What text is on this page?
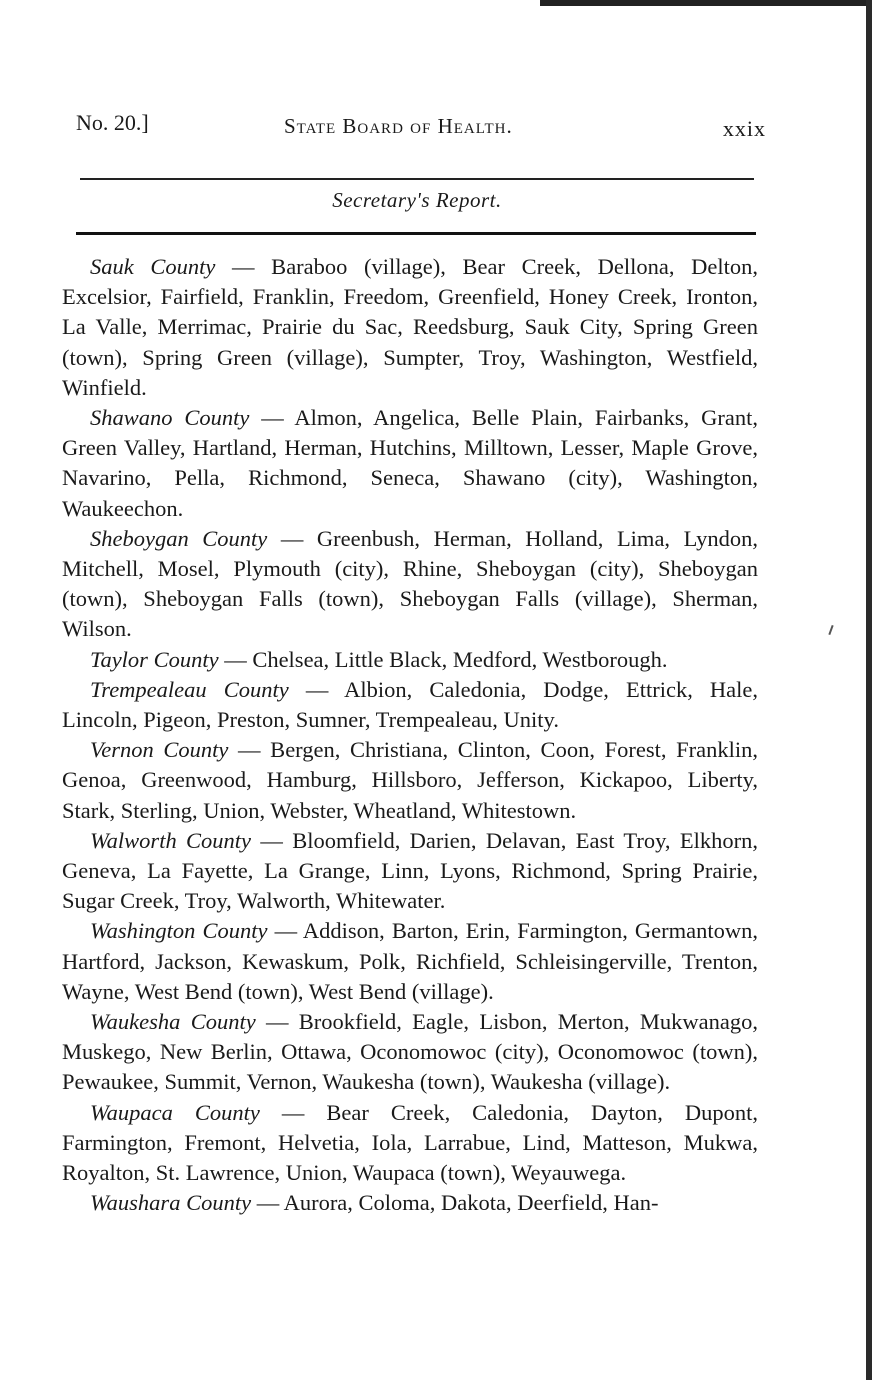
No. 20.]	State Board of Health.	xxix
Secretary's Report.

Sauk County — Baraboo (village), Bear Creek, Dellona, Delton, Excelsior, Fairfield, Franklin, Freedom, Greenfield, Honey Creek, Ironton, La Valle, Merrimac, Prairie du Sac, Reedsburg, Sauk City, Spring Green (town), Spring Green (village), Sumpter, Troy, Washington, Westfield, Winfield.

Shawano County — Almon, Angelica, Belle Plain, Fairbanks, Grant, Green Valley, Hartland, Herman, Hutchins, Milltown, Lesser, Maple Grove, Navarino, Pella, Richmond, Seneca, Shawano (city), Washington, Waukeechon.

Sheboygan County — Greenbush, Herman, Holland, Lima, Lyndon, Mitchell, Mosel, Plymouth (city), Rhine, Sheboygan (city), Sheboygan (town), Sheboygan Falls (town), Sheboygan Falls (village), Sherman, Wilson.

Taylor County — Chelsea, Little Black, Medford, Westborough.

Trempealeau County — Albion, Caledonia, Dodge, Ettrick, Hale, Lincoln, Pigeon, Preston, Sumner, Trempealeau, Unity.

Vernon County — Bergen, Christiana, Clinton, Coon, Forest, Franklin, Genoa, Greenwood, Hamburg, Hillsboro, Jefferson, Kickapoo, Liberty, Stark, Sterling, Union, Webster, Wheatland, Whitestown.

Walworth County — Bloomfield, Darien, Delavan, East Troy, Elkhorn, Geneva, La Fayette, La Grange, Linn, Lyons, Richmond, Spring Prairie, Sugar Creek, Troy, Walworth, Whitewater.

Washington County — Addison, Barton, Erin, Farmington, Germantown, Hartford, Jackson, Kewaskum, Polk, Richfield, Schleisingerville, Trenton, Wayne, West Bend (town), West Bend (village).

Waukesha County — Brookfield, Eagle, Lisbon, Merton, Mukwanago, Muskego, New Berlin, Ottawa, Oconomowoc (city), Oconomowoc (town), Pewaukee, Summit, Vernon, Waukesha (town), Waukesha (village).

Waupaca County — Bear Creek, Caledonia, Dayton, Dupont, Farmington, Fremont, Helvetia, Iola, Larrabue, Lind, Matteson, Mukwa, Royalton, St. Lawrence, Union, Waupaca (town), Weyauwega.

Waushara County — Aurora, Coloma, Dakota, Deerfield, Han-
